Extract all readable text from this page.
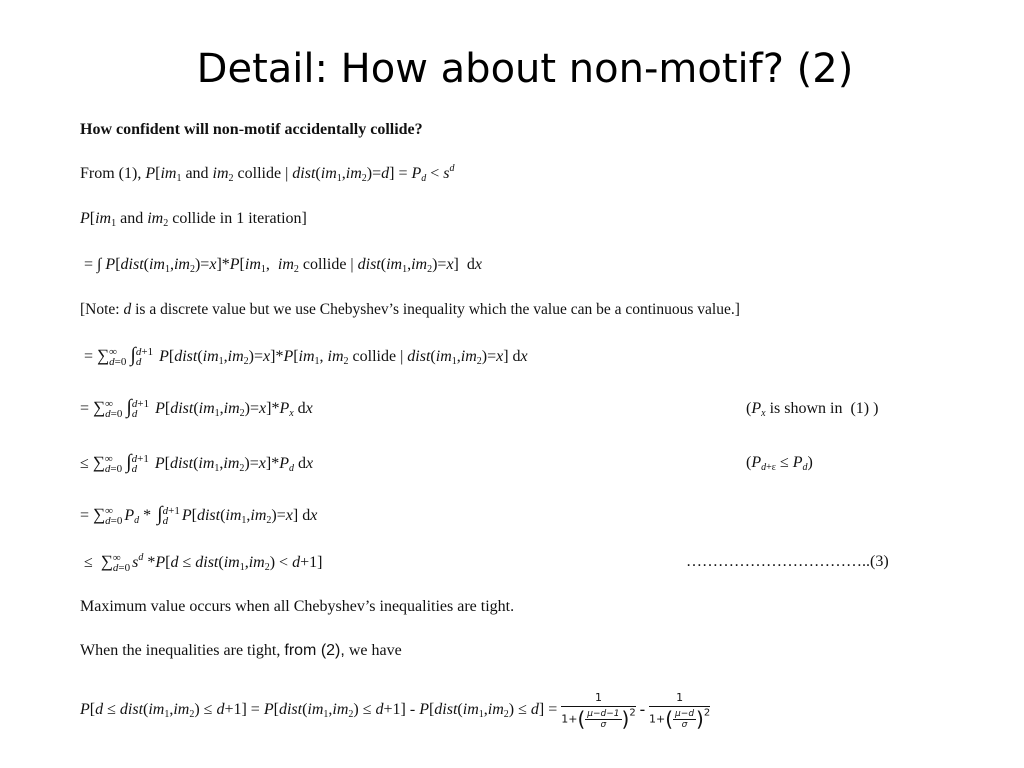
Detail: How about non-motif? (2)
How confident will non-motif accidentally collide?
From (1), $P[im_1$ and $im_2$ collide | $dist(im_1,im_2)=d] = P_d < s^d$
$P[im_1$ and $im_2$ collide in 1 iteration]
= ∫ $P[dist(im_1,im_2)=x]*P[im_1$,  $im_2$ collide | $dist(im_1,im_2)=x$]  dx
[Note: d is a discrete value but we use Chebyshev’s inequality which the value can be a continuous value.]
= ∑ ∞
d=0 ∫ d+1
d	$P[dist(im_1,im_2)=x]*P[im_1$, $im_2$ collide | $dist(im_1,im_2)=x$] dx
= ∑ ∞
d=0 ∫ d+1
d	$P[dist(im_1,im_2)=x]*P_x$ dx	($P_x$ is shown in  (1) )
≤ ∑ ∞
d=0 ∫ d+1
d	$P[dist(im_1,im_2)=x]*P_d$ dx	$(P_{d+\varepsilon} \le P_d)$
= ∑ ∞
d=0 $P_d$ * ∫ d+1
d $P[dist(im_1,im_2)=x]$ dx
≤  ∑ ∞
d=0 $s^d$ $*P[d \le dist(im_1,im_2) < d+1]$	……………………………..(3)
Maximum value occurs when all Chebyshev’s inequalities are tight.
When the inequalities are tight, from (2), we have
$P[d \le dist(im_1,im_2) \le d+1]$ = $P[dist(im_1,im_2) \le d+1]$ - $P[dist(im_1,im_2) \le d] = \frac{1}{1+( \frac{\mu-d-1}{\sigma} )^2} - \frac{1}{1+( \frac{\mu-d}{\sigma} )^2}$
